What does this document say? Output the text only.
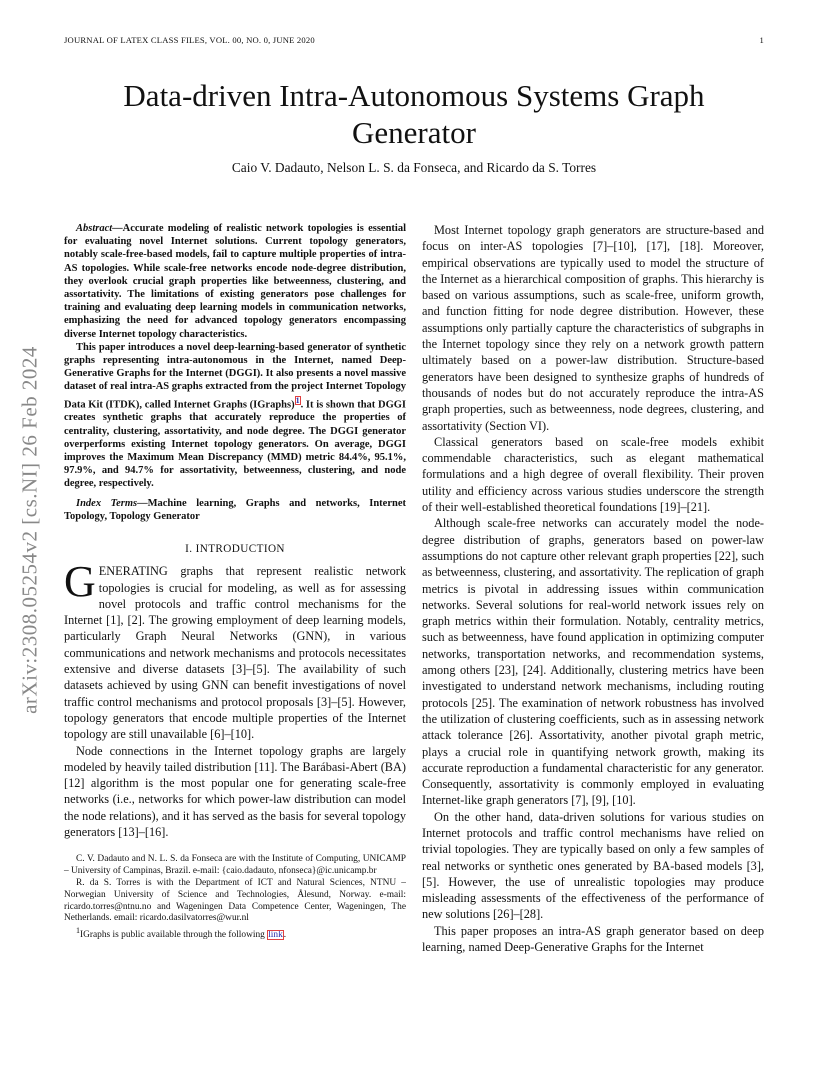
JOURNAL OF LATEX CLASS FILES, VOL. 00, NO. 0, JUNE 2020	1
arXiv:2308.05254v2 [cs.NI] 26 Feb 2024
Data-driven Intra-Autonomous Systems Graph Generator
Caio V. Dadauto, Nelson L. S. da Fonseca, and Ricardo da S. Torres

Abstract—Accurate modeling of realistic network topologies is essential for evaluating novel Internet solutions. Current topology generators, notably scale-free-based models, fail to capture multiple properties of intra-AS topologies. While scale-free networks encode node-degree distribution, they overlook crucial graph properties like betweenness, clustering, and assortativity. The limitations of existing generators pose challenges for training and evaluating deep learning models in communication networks, emphasizing the need for advanced topology generators encompassing diverse Internet topology characteristics.

This paper introduces a novel deep-learning-based generator of synthetic graphs representing intra-autonomous in the Internet, named Deep-Generative Graphs for the Internet (DGGI). It also presents a novel massive dataset of real intra-AS graphs extracted from the project Internet Topology Data Kit (ITDK), called Internet Graphs (IGraphs)$^1$. It is shown that DGGI creates synthetic graphs that accurately reproduce the properties of centrality, clustering, assortativity, and node degree. The DGGI generator overperforms existing Internet topology generators. On average, DGGI improves the Maximum Mean Discrepancy (MMD) metric 84.4%, 95.1%, 97.9%, and 94.7% for assortativity, betweenness, clustering, and node degree, respectively.

Index Terms—Machine learning, Graphs and networks, Internet Topology, Topology Generator

I. INTRODUCTION

GENERATING graphs that represent realistic network topologies is crucial for modeling, as well as for assessing novel protocols and traffic control mechanisms for the Internet [1], [2]. The growing employment of deep learning models, particularly Graph Neural Networks (GNN), in various communications and network mechanisms and protocols necessitates extensive and diverse datasets [3]–[5]. The availability of such datasets achieved by using GNN can benefit investigations of novel traffic control mechanisms and protocol proposals [3]–[5]. However, topology generators that encode multiple properties of the Internet topology are still unavailable [6]–[10].

Node connections in the Internet topology graphs are largely modeled by heavily tailed distribution [11]. The Barábasi-Abert (BA) [12] algorithm is the most popular one for generating scale-free networks (i.e., networks for which power-law distribution can model the node relations), and it has served as the basis for several topology generators [13]–[16].

C. V. Dadauto and N. L. S. da Fonseca are with the Institute of Computing, UNICAMP – University of Campinas, Brazil. e-mail: {caio.dadauto, nfonseca}@ic.unicamp.br

R. da S. Torres is with the Department of ICT and Natural Sciences, NTNU – Norwegian University of Science and Technologies, Ålesund, Norway. e-mail: ricardo.torres@ntnu.no and Wageningen Data Competence Center, Wageningen, The Netherlands. email: ricardo.dasilvatorres@wur.nl

1IGraphs is public available through the following link.

Most Internet topology graph generators are structure-based and focus on inter-AS topologies [7]–[10], [17], [18]. Moreover, empirical observations are typically used to model the structure of the Internet as a hierarchical composition of graphs. This hierarchy is based on various assumptions, such as scale-free, uniform growth, and function fitting for node degree distribution. However, these assumptions only partially capture the characteristics of subgraphs in the Internet topology since they rely on a network growth pattern ultimately based on a power-law distribution. Structure-based generators have been designed to synthesize graphs of hundreds of thousands of nodes but do not accurately reproduce the intra-AS graph properties, such as betweenness, node degrees, clustering, and assortativity (Section VI).

Classical generators based on scale-free models exhibit commendable characteristics, such as elegant mathematical formulations and a high degree of overall flexibility. Their proven utility and efficiency across various studies underscore the strength of their well-established theoretical foundations [19]–[21].

Although scale-free networks can accurately model the node-degree distribution of graphs, generators based on power-law assumptions do not capture other relevant graph properties [22], such as betweenness, clustering, and assortativity. The replication of graph metrics is pivotal in addressing issues within communication networks. Several solutions for real-world network issues rely on graph metrics within their formulation. Notably, centrality metrics, such as betweenness, have found application in optimizing computer networks, transportation networks, and recommendation systems, among others [23], [24]. Additionally, clustering metrics have been investigated to understand network mechanisms, including routing protocols [25]. The examination of network robustness has involved the utilization of clustering coefficients, such as in assessing network attack tolerance [26]. Assortativity, another pivotal graph metric, plays a crucial role in quantifying network growth, making its accurate reproduction a fundamental characteristic for any generator. Consequently, assortativity is commonly employed in evaluating Internet-like graph generators [7], [9], [10].

On the other hand, data-driven solutions for various studies on Internet protocols and traffic control mechanisms have relied on trivial topologies. They are typically based on only a few samples of real networks or synthetic ones generated by BA-based models [3], [5]. However, the use of unrealistic topologies may produce misleading assessments of the effectiveness of the performance of new solutions [26]–[28].

This paper proposes an intra-AS graph generator based on deep learning, named Deep-Generative Graphs for the Internet
